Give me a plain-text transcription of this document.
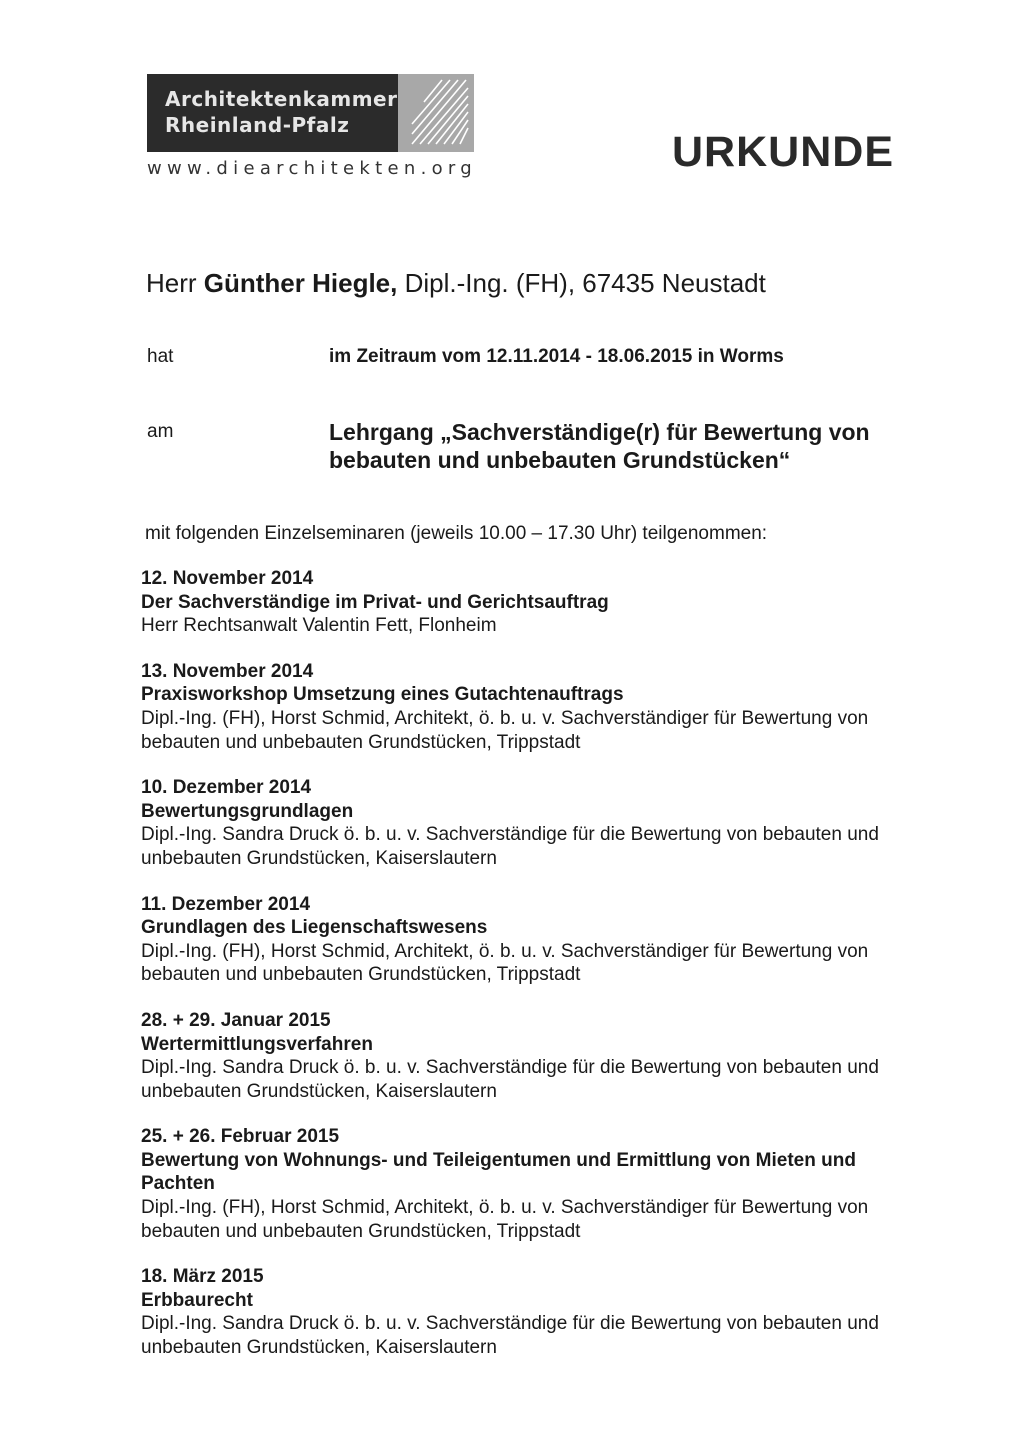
Architektenkammer
Rheinland-Pfalz
www.diearchitekten.org	URKUNDE
Herr Günther Hiegle, Dipl.-Ing. (FH), 67435 Neustadt
hat	im Zeitraum vom 12.11.2014 - 18.06.2015 in Worms
am	Lehrgang „Sachverständige(r) für Bewertung von bebauten und unbebauten Grundstücken“
mit folgenden Einzelseminaren (jeweils 10.00 – 17.30 Uhr) teilgenommen:
12. November 2014
Der Sachverständige im Privat- und Gerichtsauftrag
Herr Rechtsanwalt Valentin Fett, Flonheim
13. November 2014
Praxisworkshop Umsetzung eines Gutachtenauftrags
Dipl.-Ing. (FH), Horst Schmid, Architekt, ö. b. u. v. Sachverständiger für Bewertung von bebauten und unbebauten Grundstücken, Trippstadt
10. Dezember 2014
Bewertungsgrundlagen
Dipl.-Ing. Sandra Druck ö. b. u. v. Sachverständige für die Bewertung von bebauten und unbebauten Grundstücken, Kaiserslautern
11. Dezember 2014
Grundlagen des Liegenschaftswesens
Dipl.-Ing. (FH), Horst Schmid, Architekt, ö. b. u. v. Sachverständiger für Bewertung von bebauten und unbebauten Grundstücken, Trippstadt
28. + 29. Januar 2015
Wertermittlungsverfahren
Dipl.-Ing. Sandra Druck ö. b. u. v. Sachverständige für die Bewertung von bebauten und unbebauten Grundstücken, Kaiserslautern
25. + 26. Februar 2015
Bewertung von Wohnungs- und Teileigentumen und Ermittlung von Mieten und Pachten
Dipl.-Ing. (FH), Horst Schmid, Architekt, ö. b. u. v. Sachverständiger für Bewertung von bebauten und unbebauten Grundstücken, Trippstadt
18. März 2015
Erbbaurecht
Dipl.-Ing. Sandra Druck ö. b. u. v. Sachverständige für die Bewertung von bebauten und unbebauten Grundstücken, Kaiserslautern
